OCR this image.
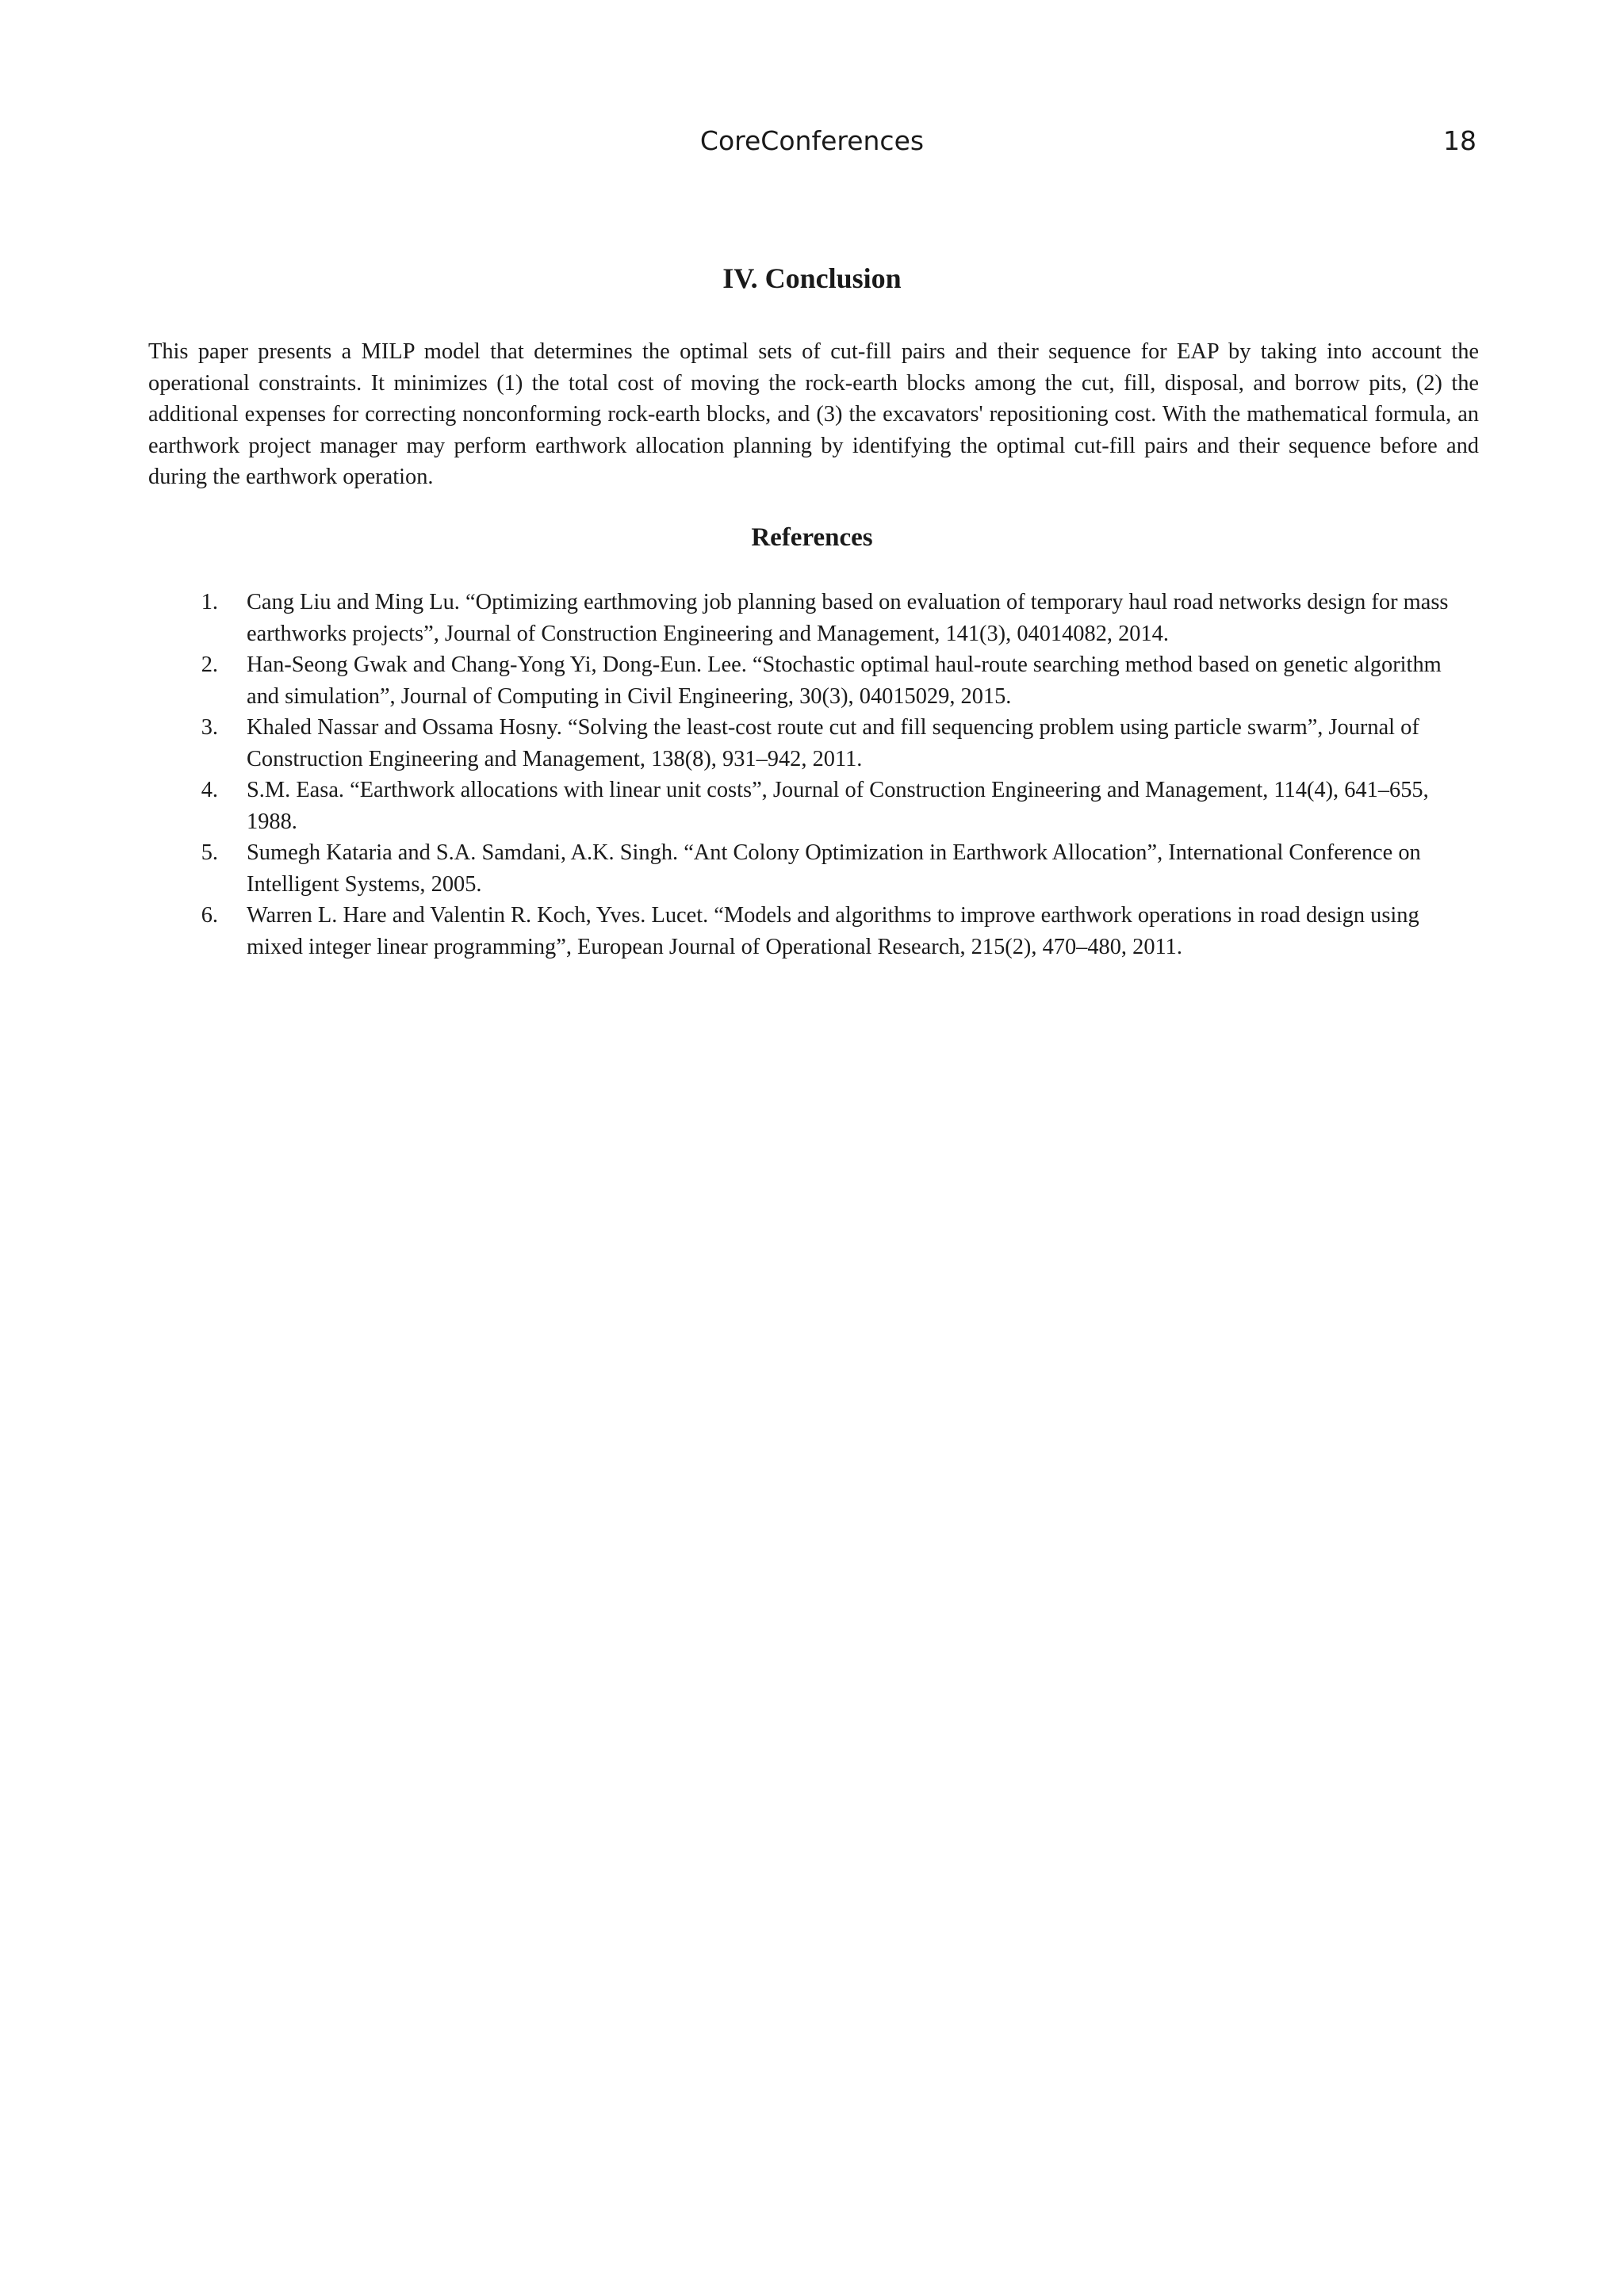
CoreConferences	18
IV. Conclusion

This paper presents a MILP model that determines the optimal sets of cut-fill pairs and their sequence for EAP by taking into account the operational constraints. It minimizes (1) the total cost of moving the rock-earth blocks among the cut, fill, disposal, and borrow pits, (2) the additional expenses for correcting nonconforming rock-earth blocks, and (3) the excavators' repositioning cost. With the mathematical formula, an earthwork project manager may perform earthwork allocation planning by identifying the optimal cut-fill pairs and their sequence before and during the earthwork operation.

References
1. Cang Liu and Ming Lu. “Optimizing earthmoving job planning based on evaluation of temporary haul road networks design for mass earthworks projects”, Journal of Construction Engineering and Management, 141(3), 04014082, 2014.
2. Han-Seong Gwak and Chang-Yong Yi, Dong-Eun. Lee. “Stochastic optimal haul-route searching method based on genetic algorithm and simulation”, Journal of Computing in Civil Engineering, 30(3), 04015029, 2015.
3. Khaled Nassar and Ossama Hosny. “Solving the least-cost route cut and fill sequencing problem using particle swarm”, Journal of Construction Engineering and Management, 138(8), 931–942, 2011.
4. S.M. Easa. “Earthwork allocations with linear unit costs”, Journal of Construction Engineering and Management, 114(4), 641–655, 1988.
5. Sumegh Kataria and S.A. Samdani, A.K. Singh. “Ant Colony Optimization in Earthwork Allocation”, International Conference on Intelligent Systems, 2005.
6. Warren L. Hare and Valentin R. Koch, Yves. Lucet. “Models and algorithms to improve earthwork operations in road design using mixed integer linear programming”, European Journal of Operational Research, 215(2), 470–480, 2011.
